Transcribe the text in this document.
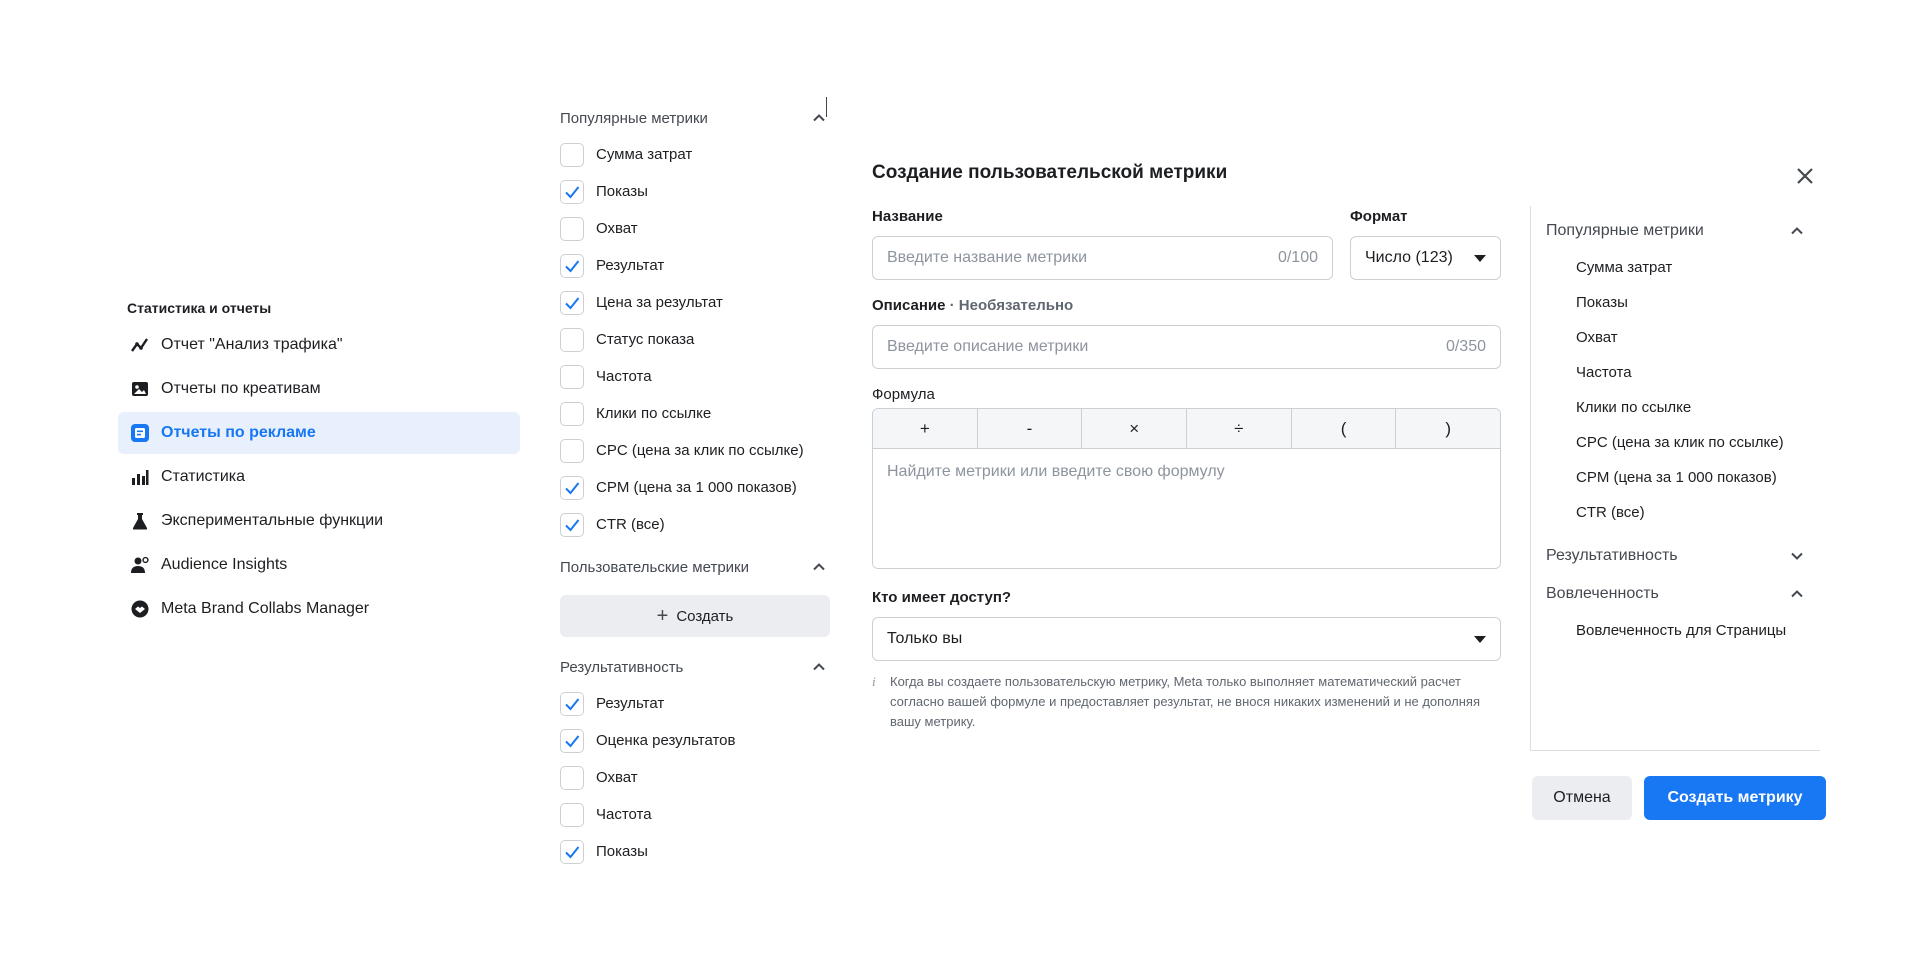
Статистика и отчеты
Отчет "Анализ трафика"
Отчеты по креативам
Отчеты по рекламе
Статистика
Экспериментальные функции
Audience Insights
Meta Brand Collabs Manager
Популярные метрики
Сумма затрат
Показы
Охват
Результат
Цена за результат
Статус показа
Частота
Клики по ссылке
CPC (цена за клик по ссылке)
CPM (цена за 1 000 показов)
CTR (все)
Пользовательские метрики
+ Создать
Результативность
Результат
Оценка результатов
Охват
Частота
Показы
Создание пользовательской метрики
Название
Введите название метрики
0/100
Формат
Число (123)
Описание · Необязательно
Введите описание метрики
0/350
Формула
+	-	×	÷	(	)
Найдите метрики или введите свою формулу
Кто имеет доступ?
Только вы
i	Когда вы создаете пользовательскую метрику, Meta только выполняет математический расчет согласно вашей формуле и предоставляет результат, не внося никаких изменений и не дополняя вашу метрику.
Популярные метрики
Сумма затрат
Показы
Охват
Частота
Клики по ссылке
CPC (цена за клик по ссылке)
CPM (цена за 1 000 показов)
CTR (все)
Результативность
Вовлеченность
Вовлеченность для Страницы
Отмена	Создать метрику
